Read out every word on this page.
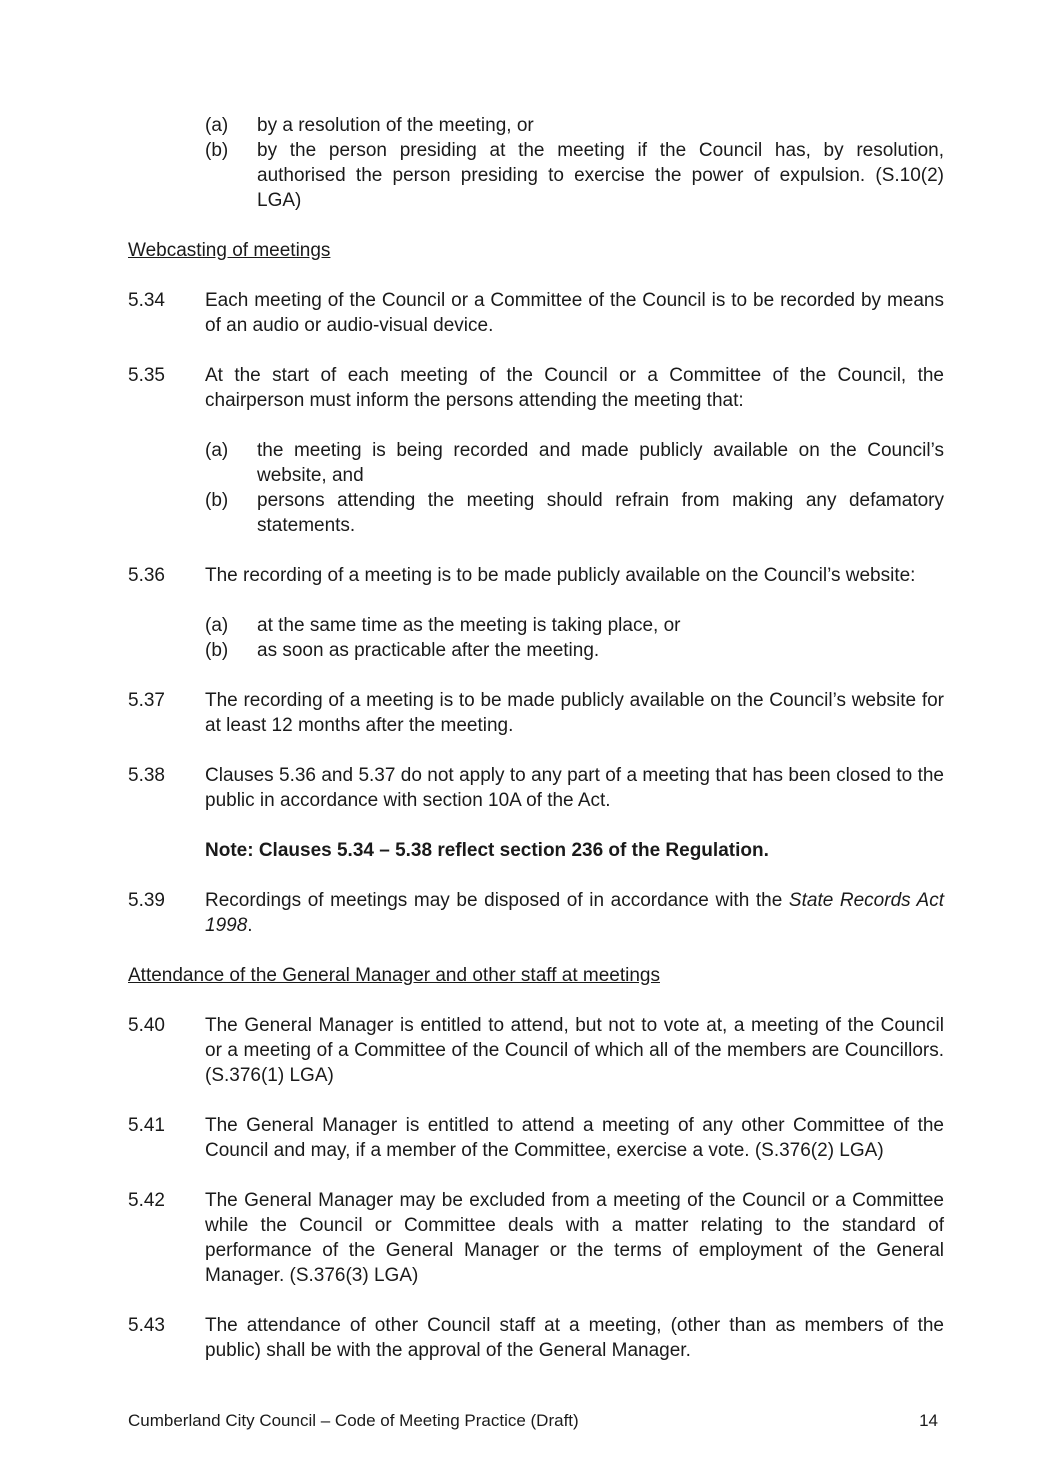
(a)	by a resolution of the meeting, or
(b)	by the person presiding at the meeting if the Council has, by resolution, authorised the person presiding to exercise the power of expulsion. (S.10(2) LGA)

Webcasting of meetings

5.34	Each meeting of the Council or a Committee of the Council is to be recorded by means of an audio or audio-visual device.
5.35	At the start of each meeting of the Council or a Committee of the Council, the chairperson must inform the persons attending the meeting that:
(a)	the meeting is being recorded and made publicly available on the Council’s website, and
(b)	persons attending the meeting should refrain from making any defamatory statements.
5.36	The recording of a meeting is to be made publicly available on the Council’s website:
(a)	at the same time as the meeting is taking place, or
(b)	as soon as practicable after the meeting.
5.37	The recording of a meeting is to be made publicly available on the Council’s website for at least 12 months after the meeting.
5.38	Clauses 5.36 and 5.37 do not apply to any part of a meeting that has been closed to the public in accordance with section 10A of the Act.

Note: Clauses 5.34 – 5.38 reflect section 236 of the Regulation.

5.39	Recordings of meetings may be disposed of in accordance with the State Records Act 1998.

Attendance of the General Manager and other staff at meetings

5.40	The General Manager is entitled to attend, but not to vote at, a meeting of the Council or a meeting of a Committee of the Council of which all of the members are Councillors. (S.376(1) LGA)
5.41	The General Manager is entitled to attend a meeting of any other Committee of the Council and may, if a member of the Committee, exercise a vote. (S.376(2) LGA)
5.42	The General Manager may be excluded from a meeting of the Council or a Committee while the Council or Committee deals with a matter relating to the standard of performance of the General Manager or the terms of employment of the General Manager. (S.376(3) LGA)
5.43	The attendance of other Council staff at a meeting, (other than as members of the public) shall be with the approval of the General Manager.
Cumberland City Council – Code of Meeting Practice (Draft)	14
